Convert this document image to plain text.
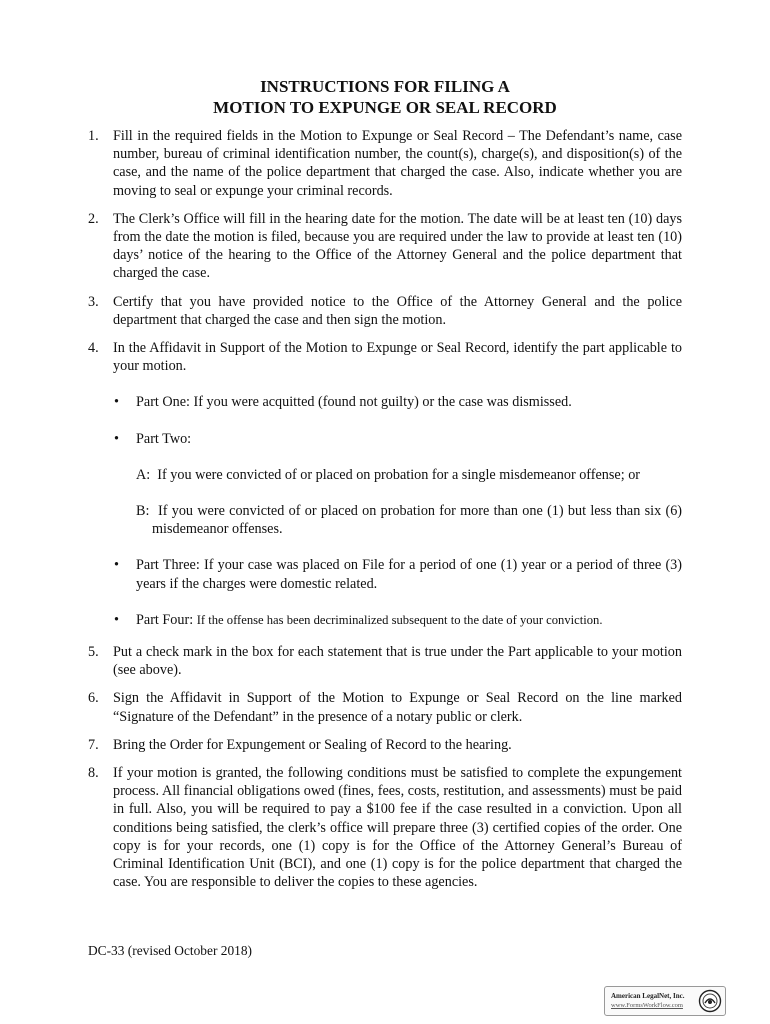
INSTRUCTIONS FOR FILING A
MOTION TO EXPUNGE OR SEAL RECORD
1. Fill in the required fields in the Motion to Expunge or Seal Record – The Defendant’s name, case number, bureau of criminal identification number, the count(s), charge(s), and disposition(s) of the case, and the name of the police department that charged the case. Also, indicate whether you are moving to seal or expunge your criminal records.
2. The Clerk’s Office will fill in the hearing date for the motion. The date will be at least ten (10) days from the date the motion is filed, because you are required under the law to provide at least ten (10) days’ notice of the hearing to the Office of the Attorney General and the police department that charged the case.
3. Certify that you have provided notice to the Office of the Attorney General and the police department that charged the case and then sign the motion.
4. In the Affidavit in Support of the Motion to Expunge or Seal Record, identify the part applicable to your motion.
• Part One: If you were acquitted (found not guilty) or the case was dismissed.
• Part Two:
A: If you were convicted of or placed on probation for a single misdemeanor offense; or
B: If you were convicted of or placed on probation for more than one (1) but less than six (6) misdemeanor offenses.
• Part Three: If your case was placed on File for a period of one (1) year or a period of three (3) years if the charges were domestic related.
• Part Four: If the offense has been decriminalized subsequent to the date of your conviction.
5. Put a check mark in the box for each statement that is true under the Part applicable to your motion (see above).
6. Sign the Affidavit in Support of the Motion to Expunge or Seal Record on the line marked “Signature of the Defendant” in the presence of a notary public or clerk.
7. Bring the Order for Expungement or Sealing of Record to the hearing.
8. If your motion is granted, the following conditions must be satisfied to complete the expungement process. All financial obligations owed (fines, fees, costs, restitution, and assessments) must be paid in full. Also, you will be required to pay a $100 fee if the case resulted in a conviction. Upon all conditions being satisfied, the clerk’s office will prepare three (3) certified copies of the order. One copy is for your records, one (1) copy is for the Office of the Attorney General’s Bureau of Criminal Identification Unit (BCI), and one (1) copy is for the police department that charged the case. You are responsible to deliver the copies to these agencies.
DC-33 (revised October 2018)
American LegalNet, Inc.
www.FormsWorkFlow.com
